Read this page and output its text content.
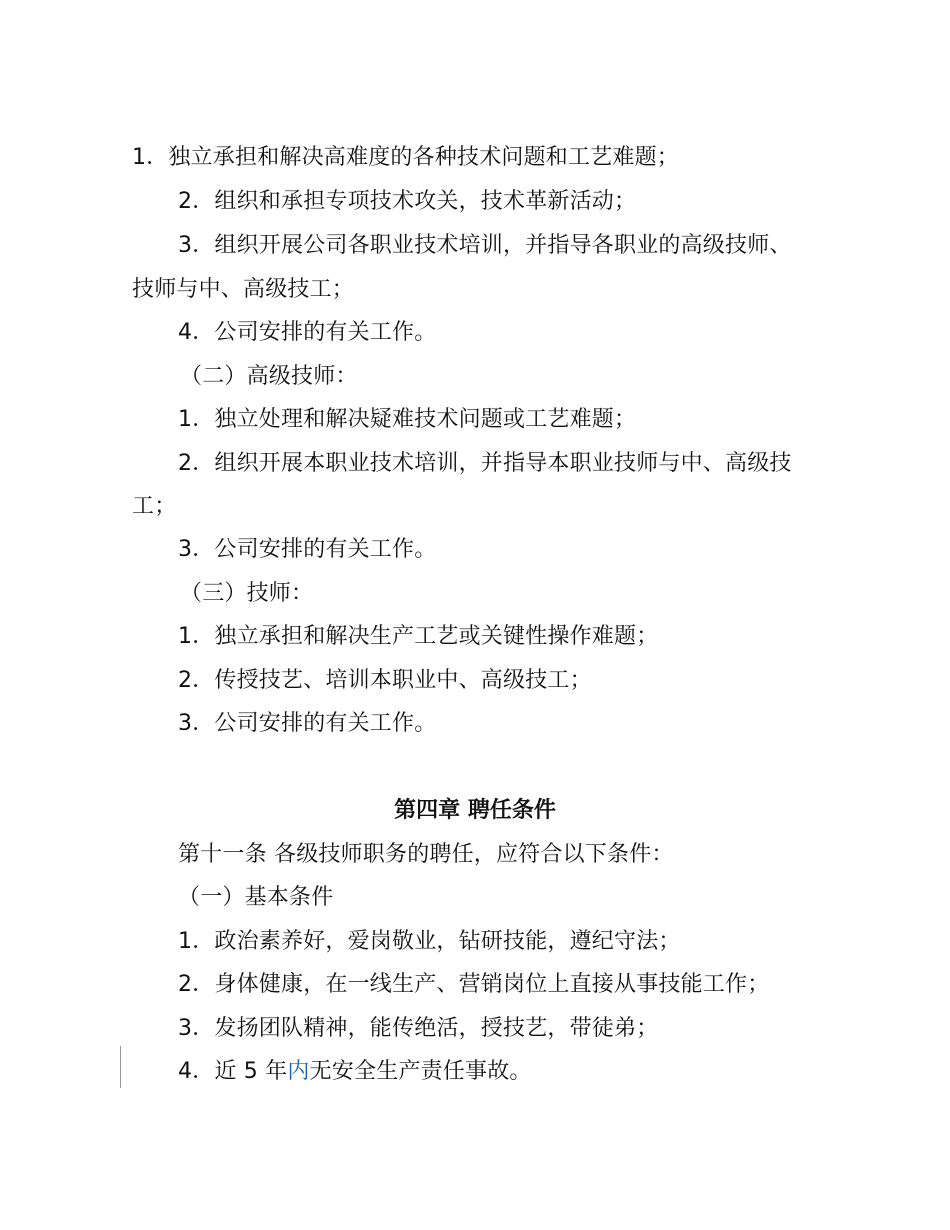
1．独立承担和解决高难度的各种技术问题和工艺难题；
2．组织和承担专项技术攻关，技术革新活动；
3．组织开展公司各职业技术培训，并指导各职业的高级技师、
技师与中、高级技工；
4．公司安排的有关工作。
（二）高级技师：
1．独立处理和解决疑难技术问题或工艺难题；
2．组织开展本职业技术培训，并指导本职业技师与中、高级技
工；
3．公司安排的有关工作。
（三）技师：
1．独立承担和解决生产工艺或关键性操作难题；
2．传授技艺、培训本职业中、高级技工；
3．公司安排的有关工作。
第四章 聘任条件
第十一条 各级技师职务的聘任，应符合以下条件：
（一）基本条件
1．政治素养好，爱岗敬业，钻研技能，遵纪守法；
2．身体健康，在一线生产、营销岗位上直接从事技能工作；
3．发扬团队精神，能传绝活，授技艺，带徒弟；
4．近 5 年内无安全生产责任事故。
